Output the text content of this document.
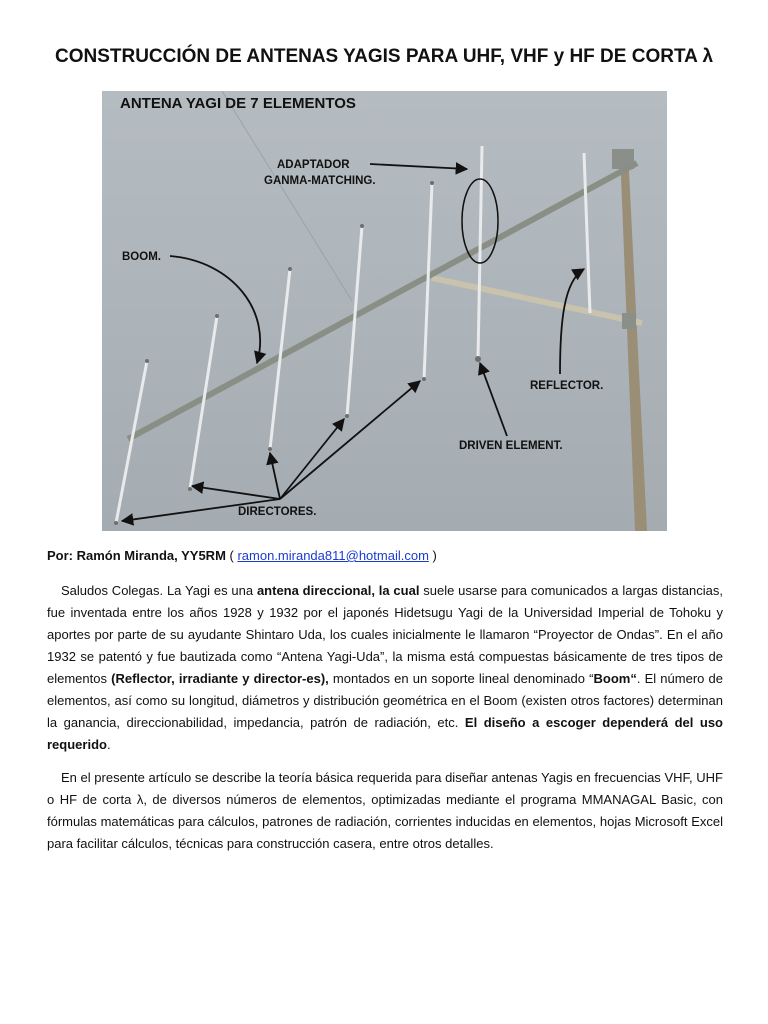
CONSTRUCCIÓN DE ANTENAS YAGIS PARA UHF, VHF y HF DE CORTA λ
ANTENA YAGI DE 7 ELEMENTOS
ADAPTADOR
GANMA-MATCHING.
BOOM.
REFLECTOR.
DRIVEN ELEMENT.
DIRECTORES.
Por: Ramón Miranda, YY5RM ( ramon.miranda811@hotmail.com )
Saludos Colegas. La Yagi es una antena direccional, la cual suele usarse para comunicados a largas distancias, fue inventada entre los años 1928 y 1932 por el japonés Hidetsugu Yagi de la Universidad Imperial de Tohoku y aportes por parte de su ayudante Shintaro Uda, los cuales inicialmente le llamaron “Proyector de Ondas”. En el año 1932 se patentó y fue bautizada como “Antena Yagi-Uda”, la misma está compuestas básicamente de tres tipos de elementos (Reflector, irradiante y director-es), montados en un soporte lineal denominado “Boom“. El número de elementos, así como su longitud, diámetros y distribución geométrica en el Boom (existen otros factores) determinan la ganancia, direccionabilidad, impedancia, patrón de radiación, etc. El diseño a escoger dependerá del uso requerido.
En el presente artículo se describe la teoría básica requerida para diseñar antenas Yagis en frecuencias VHF, UHF o HF de corta λ, de diversos números de elementos, optimizadas mediante el programa MMANAGAL Basic, con fórmulas matemáticas para cálculos, patrones de radiación, corrientes inducidas en elementos, hojas Microsoft Excel para facilitar cálculos, técnicas para construcción casera, entre otros detalles.
